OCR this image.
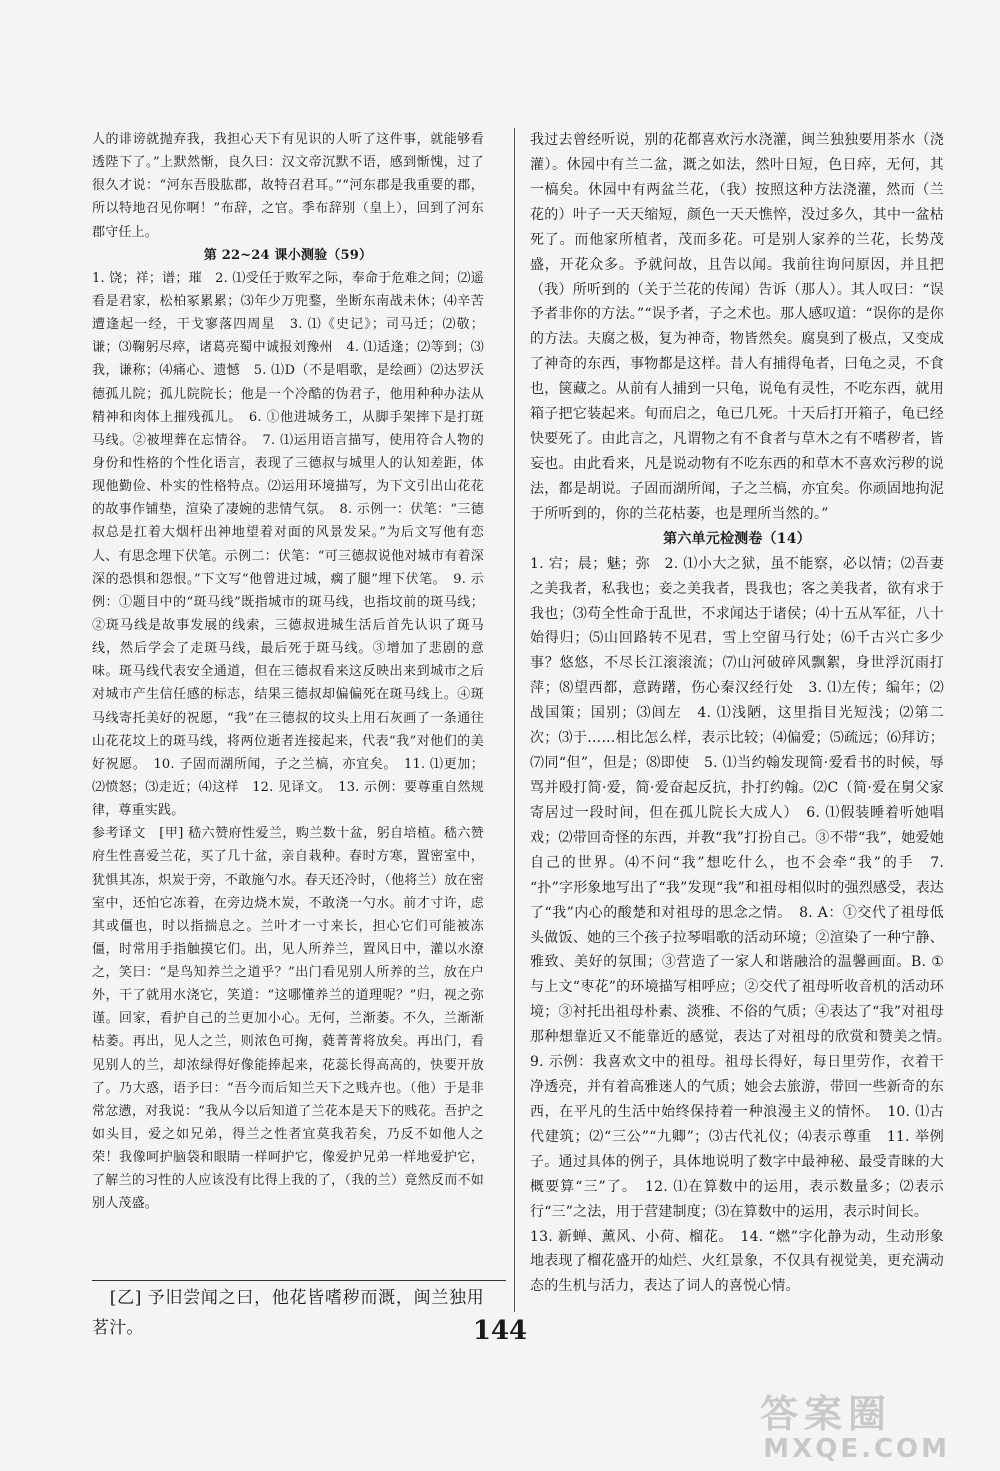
人的诽谤就抛弃我，我担心天下有见识的人听了这件事，就能够看透陛下了。”上默然惭，良久曰：汉文帝沉默不语，感到惭愧，过了很久才说：“河东吾股肱郡，故特召君耳。”“河东郡是我重要的郡，所以特地召见你啊！”布辞，之官。季布辞别（皇上），回到了河东郡守任上。

第 22~24 课小测验（59）

1. 饶；祥；谱；璀　2. ⑴受任于败军之际，奉命于危难之间；⑵遥看是君家，松柏冢累累；⑶年少万兜鍪，坐断东南战未休；⑷辛苦遭逢起一经，干戈寥落四周星　3. ⑴《史记》；司马迁；⑵敬；谦；⑶鞠躬尽瘁，诸葛亮蜀中诚报刘豫州　4. ⑴适逢；⑵等到；⑶我，谦称；⑷痛心、遗憾　5. ⑴D（不是唱歌，是绘画）⑵达罗沃德孤儿院；孤儿院院长；他是一个冷酷的伪君子，他用种种办法从精神和肉体上摧残孤儿。　6. ①他进城务工，从脚手架摔下是打斑马线。②被埋葬在忘情谷。　7. ⑴运用语言描写，使用符合人物的身份和性格的个性化语言，表现了三德叔与城里人的认知差距，体现他勤俭、朴实的性格特点。⑵运用环境描写，为下文引出山花花的故事作铺垫，渲染了凄婉的悲情气氛。　8. 示例一：伏笔：“三德叔总是扛着大烟杆出神地望着对面的风景发呆。”为后文写他有恋人、有思念埋下伏笔。示例二：伏笔：“可三德叔说他对城市有着深深的恐惧和怨恨。”下文写“他曾进过城，瘸了腿”埋下伏笔。　9. 示例：①题目中的“斑马线”既指城市的斑马线，也指坟前的斑马线；②斑马线是故事发展的线索，三德叔进城生活后首先认识了斑马线，然后学会了走斑马线，最后死于斑马线。③增加了悲剧的意味。斑马线代表安全通道，但在三德叔看来这反映出来到城市之后对城市产生信任感的标志，结果三德叔却偏偏死在斑马线上。④斑马线寄托美好的祝愿，“我”在三德叔的坟头上用石灰画了一条通往山花花坟上的斑马线，将两位逝者连接起来，代表“我”对他们的美好祝愿。　10. 子固而湖所闻，子之兰槁，亦宜矣。　11. ⑴更加；⑵愤怒；⑶走近；⑷这样　12. 见译文。　13. 示例：要尊重自然规律，尊重实践。

参考译文　[甲] 嵇六赞府性爱兰，购兰数十盆，躬自培植。嵇六赞府生性喜爱兰花，买了几十盆，亲自栽种。春时方寒，置密室中，犹惧其冻，炽炭于旁，不敢施勺水。春天还冷时，（他将兰）放在密室中，还怕它冻着，在旁边烧木炭，不敢浇一勺水。前才寸许，虑其或僵也，时以指揣息之。兰叶才一寸来长，担心它们可能被冻僵，时常用手指触摸它们。出，见人所养兰，置风日中，灌以水潦之，笑曰：“是鸟知养兰之道乎？”出门看见别人所养的兰，放在户外，干了就用水浇它，笑道：“这哪懂养兰的道理呢？”归，视之弥谨。回家，看护自己的兰更加小心。无何，兰渐萎。不久，兰渐渐枯萎。再出，见人之兰，则浓色可掬，蕤菁菁将放矣。再出门，看见别人的兰，却浓绿得好像能捧起来，花蕊长得高高的，快要开放了。乃大惑，语予曰：“吾今而后知兰天下之贱卉也。（他）于是非常忿懑，对我说：“我从今以后知道了兰花本是天下的贱花。吾护之如头目，爱之如兄弟，得兰之性者宜莫我若矣，乃反不如他人之荣！我像呵护脑袋和眼睛一样呵护它，像爱护兄弟一样地爱护它，了解兰的习性的人应该没有比得上我的了，（我的兰）竟然反而不如别人茂盛。

　[乙] 予旧尝闻之曰，他花皆嗜秽而溉，闽兰独用茗汁。

我过去曾经听说，别的花都喜欢污水浇灌，闽兰独独要用茶水（浇灌）。休园中有兰二盆，溉之如法，然叶日短，色日瘁，无何，其一槁矣。休园中有两盆兰花，（我）按照这种方法浇灌，然而（兰花的）叶子一天天缩短，颜色一天天憔悴，没过多久，其中一盆枯死了。而他家所植者，茂而多花。可是别人家养的兰花，长势茂盛，开花众多。予就问故，且告以闻。我前往询问原因，并且把（我）所听到的（关于兰花的传闻）告诉（那人）。其人叹曰：“误予者非你的方法。”“误予者，子之术也。那人感叹道：“误你的是你的方法。夫腐之极，复为神奇，物皆然矣。腐臭到了极点，又变成了神奇的东西，事物都是这样。昔人有捕得龟者，曰龟之灵，不食也，箧藏之。从前有人捕到一只龟，说龟有灵性，不吃东西，就用箱子把它装起来。旬而启之，龟已几死。十天后打开箱子，龟已经快要死了。由此言之，凡谓物之有不食者与草木之有不嗜秽者，皆妄也。由此看来，凡是说动物有不吃东西的和草木不喜欢污秽的说法，都是胡说。子固而湖所闻，子之兰槁，亦宜矣。你顽固地拘泥于所听到的，你的兰花枯萎，也是理所当然的。”

第六单元检测卷（14）

1. 宕；晨；魅；弥　2. ⑴小大之狱，虽不能察，必以情；⑵吾妻之美我者，私我也；妾之美我者，畏我也；客之美我者，欲有求于我也；⑶苟全性命于乱世，不求闻达于诸侯；⑷十五从军征，八十始得归；⑸山回路转不见君，雪上空留马行处；⑹千古兴亡多少事？悠悠，不尽长江滚滚流；⑺山河破碎风飘絮，身世浮沉雨打萍；⑻望西都，意踌躇，伤心秦汉经行处　3. ⑴左传；编年；⑵战国策；国别；⑶闾左　4. ⑴浅陋，这里指目光短浅；⑵第二次；⑶于……相比怎么样，表示比较；⑷偏爱；⑸疏远；⑹拜访；⑺同“但”，但是；⑻即使　5. ⑴当约翰发现简·爱看书的时候，辱骂并殴打简·爱，简·爱奋起反抗，扑打约翰。⑵C（简·爱在舅父家寄居过一段时间，但在孤儿院长大成人）　6. ⑴假装睡着听她唱戏；⑵带回奇怪的东西，并教“我”打扮自己。③不带“我”，她爱她自己的世界。⑷不问“我”想吃什么，也不会牵“我”的手　7. “扑”字形象地写出了“我”发现“我”和祖母相似时的强烈感受，表达了“我”内心的酸楚和对祖母的思念之情。　8. A：①交代了祖母低头做饭、她的三个孩子拉琴唱歌的活动环境；②渲染了一种宁静、雅致、美好的氛围；③营造了一家人和谐融洽的温馨画面。B. ①与上文“枣花”的环境描写相呼应；②交代了祖母听收音机的活动环境；③衬托出祖母朴素、淡雅、不俗的气质；④表达了“我”对祖母那种想靠近又不能靠近的感觉，表达了对祖母的欣赏和赞美之情。　9. 示例：我喜欢文中的祖母。祖母长得好，每日里劳作，衣着干净透亮，并有着高雅迷人的气质；她会去旅游，带回一些新奇的东西，在平凡的生活中始终保持着一种浪漫主义的情怀。　10. ⑴古代建筑；⑵“三公”“九卿”；⑶古代礼仪；⑷表示尊重　11. 举例子。通过具体的例子，具体地说明了数字中最神秘、最受青睐的大概要算“三”了。　12. ⑴在算数中的运用，表示数量多；⑵表示行“三”之法，用于营建制度；⑶在算数中的运用，表示时间长。

13. 新蝉、薰风、小荷、榴花。　14. “燃”字化静为动，生动形象地表现了榴花盛开的灿烂、火红景象，不仅具有视觉美，更充满动态的生机与活力，表达了词人的喜悦心情。

144
答案圈
MXQE.COM
